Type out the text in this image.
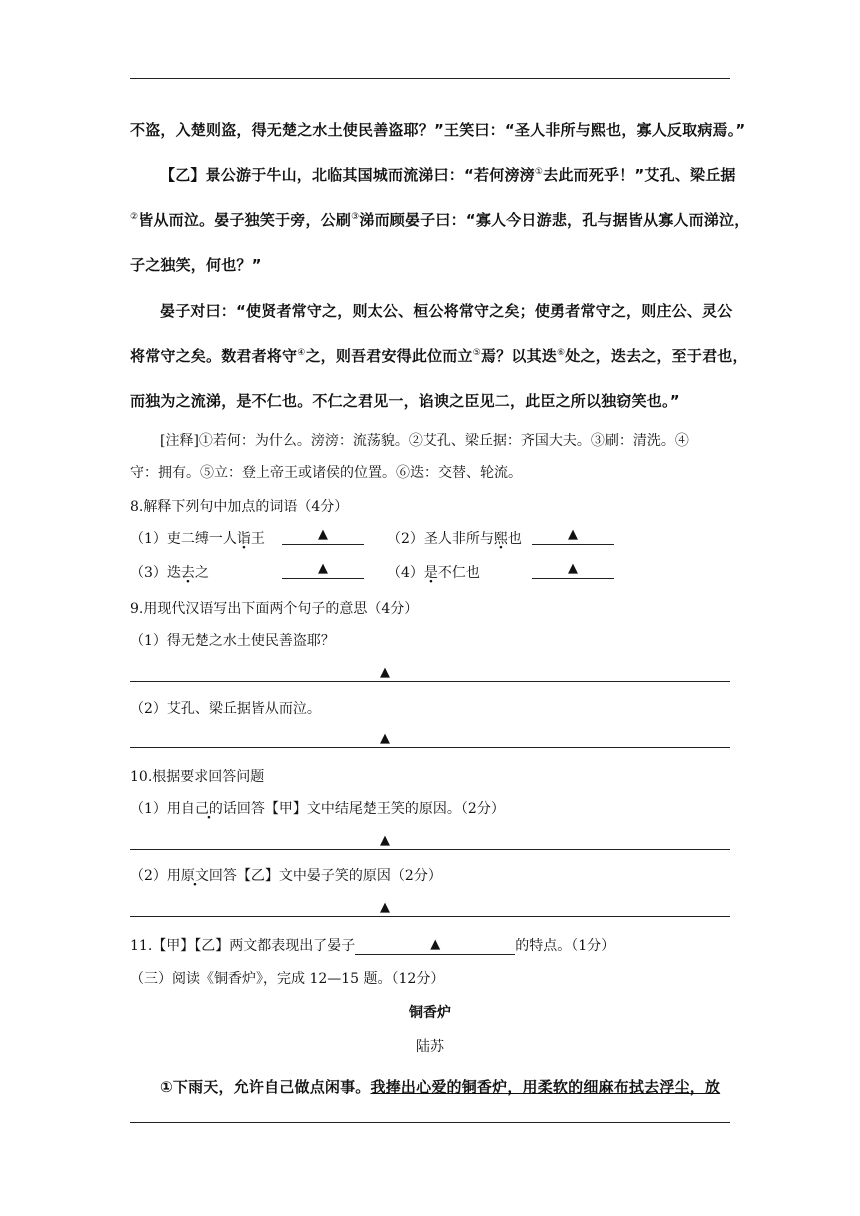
不盗，入楚则盗，得无楚之水土使民善盗耶？”王笑曰：“圣人非所与熙也，寡人反取病焉。”
【乙】景公游于牛山，北临其国城而流涕曰：“若何滂滂①去此而死乎！”艾孔、梁丘据
②皆从而泣。晏子独笑于旁，公刷③涕而顾晏子曰：“寡人今日游悲，孔与据皆从寡人而涕泣，
子之独笑，何也？”
晏子对曰：“使贤者常守之，则太公、桓公将常守之矣；使勇者常守之，则庄公、灵公
将常守之矣。数君者将守④之，则吾君安得此位而立⑤焉？以其迭⑥处之，迭去之，至于君也，
而独为之流涕，是不仁也。不仁之君见一，谄谀之臣见二，此臣之所以独窃笑也。”
[注释]①若何：为什么。滂滂：流荡貌。②艾孔、梁丘据：齐国大夫。③刷：清洗。④
守：拥有。⑤立：登上帝王或诸侯的位置。⑥迭：交替、轮流。
8.解释下列句中加点的词语（4分）
（1）吏二缚一人诣王	▲	（2）圣人非所与熙也	▲
（3）迭去之	▲	（4）是不仁也	▲
9.用现代汉语写出下面两个句子的意思（4分）
（1）得无楚之水土使民善盗耶？
▲
（2）艾孔、梁丘据皆从而泣。
▲
10.根据要求回答问题
（1）用自己的话回答【甲】文中结尾楚王笑的原因。（2分）
▲
（2）用原文回答【乙】文中晏子笑的原因（2分）
▲
11.【甲】【乙】两文都表现出了晏子	▲	的特点。（1分）
（三）阅读《铜香炉》，完成 12—15 题。（12分）
铜香炉
陆苏
①下雨天，允许自己做点闲事。我捧出心爱的铜香炉，用柔软的细麻布拭去浮尘，放
